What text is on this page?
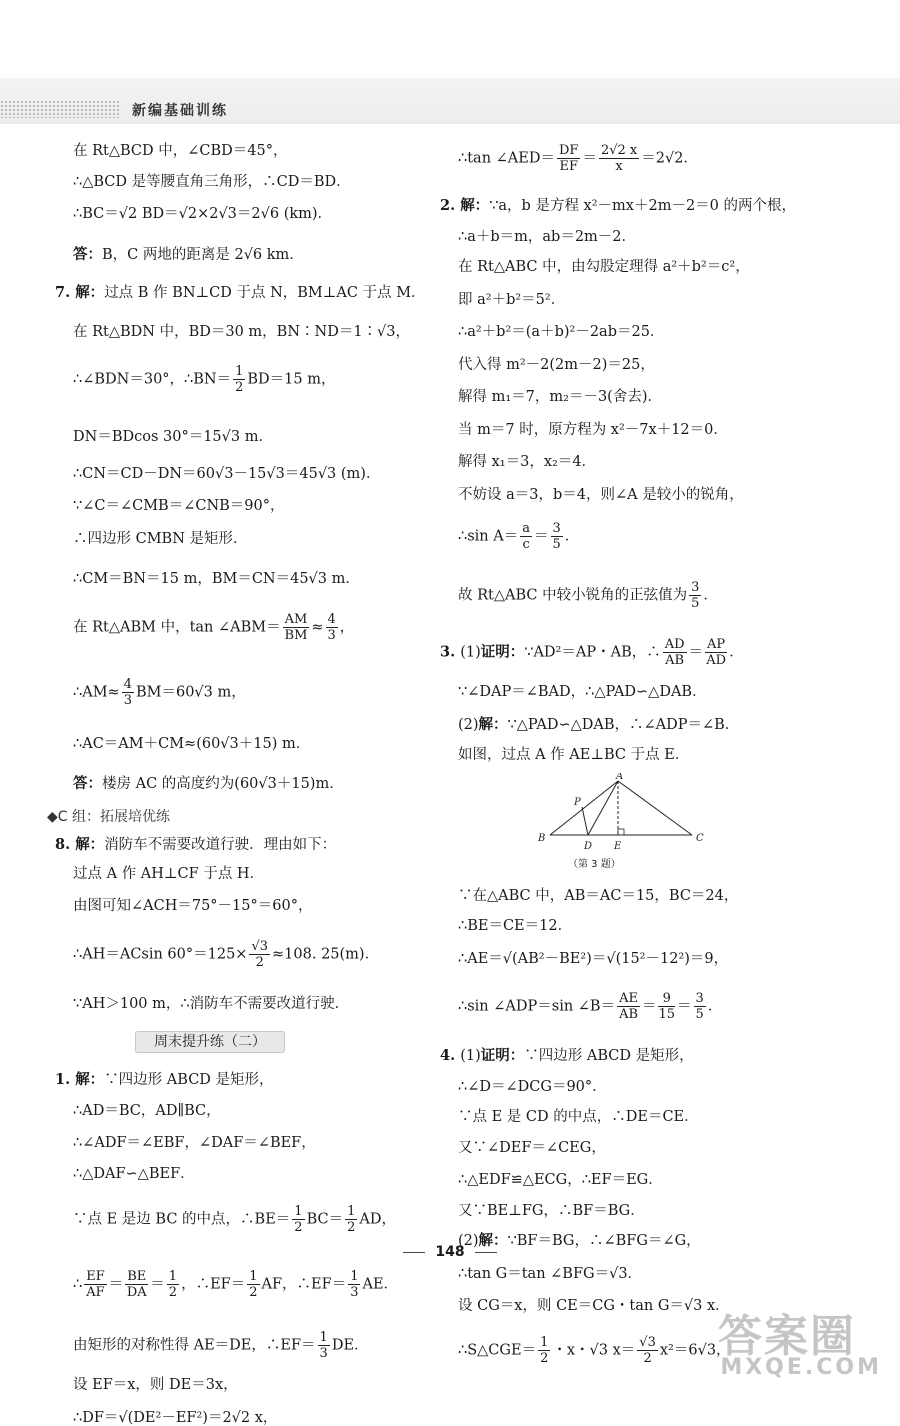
新编基础训练
在 Rt△BCD 中，∠CBD＝45°，
∴△BCD 是等腰直角三角形，∴CD＝BD．
∴BC＝√2 BD＝√2×2√3＝2√6 (km)．
答：B，C 两地的距离是 2√6 km．
7. 解：过点 B 作 BN⊥CD 于点 N，BM⊥AC 于点 M．
在 Rt△BDN 中，BD＝30 m，BN∶ND＝1∶√3，
∴∠BDN＝30°，∴BN＝ $\frac{1}{2} BD=15$ m，
DN＝BDcos 30°＝15√3 m．
∴CN＝CD－DN＝60√3－15√3＝45√3 (m)．
∵∠C＝∠CMB＝∠CNB＝90°，
∴四边形 CMBN 是矩形．
∴CM＝BN＝15 m，BM＝CN＝45√3 m．
在 Rt△ABM 中，tan ∠ABM＝ $\frac{AM}{BM} \approx \frac{4}{3}$ ，
∴AM≈ $\frac{4}{3} BM=60√3$ m，
∴AC＝AM＋CM≈(60√3＋15) m．
答：楼房 AC 的高度约为(60√3＋15)m．
◆C 组：拓展培优练
8. 解：消防车不需要改道行驶．理由如下：
过点 A 作 AH⊥CF 于点 H．
由图可知∠ACH＝75°－15°＝60°，
∴AH＝ACsin $60^\circ=125\times \frac{√3}{2} \approx 108$. 25(m)．
∵AH＞100 m，∴消防车不需要改道行驶．
周末提升练（二）
1. 解：∵四边形 ABCD 是矩形，
∴AD＝BC，AD∥BC，
∴∠ADF＝∠EBF，∠DAF＝∠BEF，
∴△DAF∽△BEF．
∵点 E 是边 BC 的中点，∴BE＝ $\frac{1}{2} BC= \frac{1}{2}$ AD，
∴ $\frac{EF}{AF} = \frac{BE}{DA} = \frac{1}{2}$ ，∴EF＝ $\frac{1}{2}$ AF，∴EF＝ $\frac{1}{3}$ AE．
由矩形的对称性得 AE＝DE，∴EF＝ $\frac{1}{3}$ DE．
设 EF＝x，则 DE＝3x，
∴DF＝√(DE²－EF²)＝2√2 x，
∴tan ∠AED＝ $\frac{DF}{EF} = \frac{2√2 x}{x} =2√2$．
2. 解：∵a，b 是方程 x²－mx＋2m－2＝0 的两个根，
∴a＋b＝m，ab＝2m－2．
在 Rt△ABC 中，由勾股定理得 a²＋b²＝c²，
即 a²＋b²＝5²．
∴a²＋b²＝(a＋b)²－2ab＝25．
代入得 m²－2(2m－2)＝25，
解得 m₁＝7，m₂＝－3(舍去)．
当 m＝7 时，原方程为 x²－7x＋12＝0．
解得 x₁＝3，x₂＝4．
不妨设 a＝3，b＝4，则∠A 是较小的锐角，
∴sin $A= \frac{a}{c} = \frac{3}{5}$ ．
故 Rt△ABC 中较小锐角的正弦值为 $\frac{3}{5}$ ．
3. (1)证明：∵AD²＝AP・AB，∴ $\frac{AD}{AB} = \frac{AP}{AD}$ ．
∵∠DAP＝∠BAD，∴△PAD∽△DAB．
(2)解：∵△PAD∽△DAB，∴∠ADP＝∠B．
如图，过点 A 作 AE⊥BC 于点 E．
A
P
B
D E
C
（第 3 题）
∵在△ABC 中，AB＝AC＝15，BC＝24，
∴BE＝CE＝12．
∴AE＝√(AB²－BE²)＝√(15²－12²)＝9，
∴sin ∠ADP＝sin ∠B＝ $\frac{AE}{AB} = \frac{9}{15} = \frac{3}{5}$ ．
4. (1)证明：∵四边形 ABCD 是矩形，
∴∠D＝∠DCG＝90°．
∵点 E 是 CD 的中点，∴DE＝CE．
又∵∠DEF＝∠CEG，
∴△EDF≌△ECG，∴EF＝EG．
又∵BE⊥FG，∴BF＝BG．
(2)解：∵BF＝BG，∴∠BFG＝∠G，
∴tan G＝tan ∠BFG＝√3．
设 CG＝x，则 CE＝CG・tan G＝√3 x．
∴S△CGE＝ $\frac{1}{2}$ ・x・√3 $x= \frac{√3}{2} x^2=6√3$，
148
答案圈
MXQE.COM
